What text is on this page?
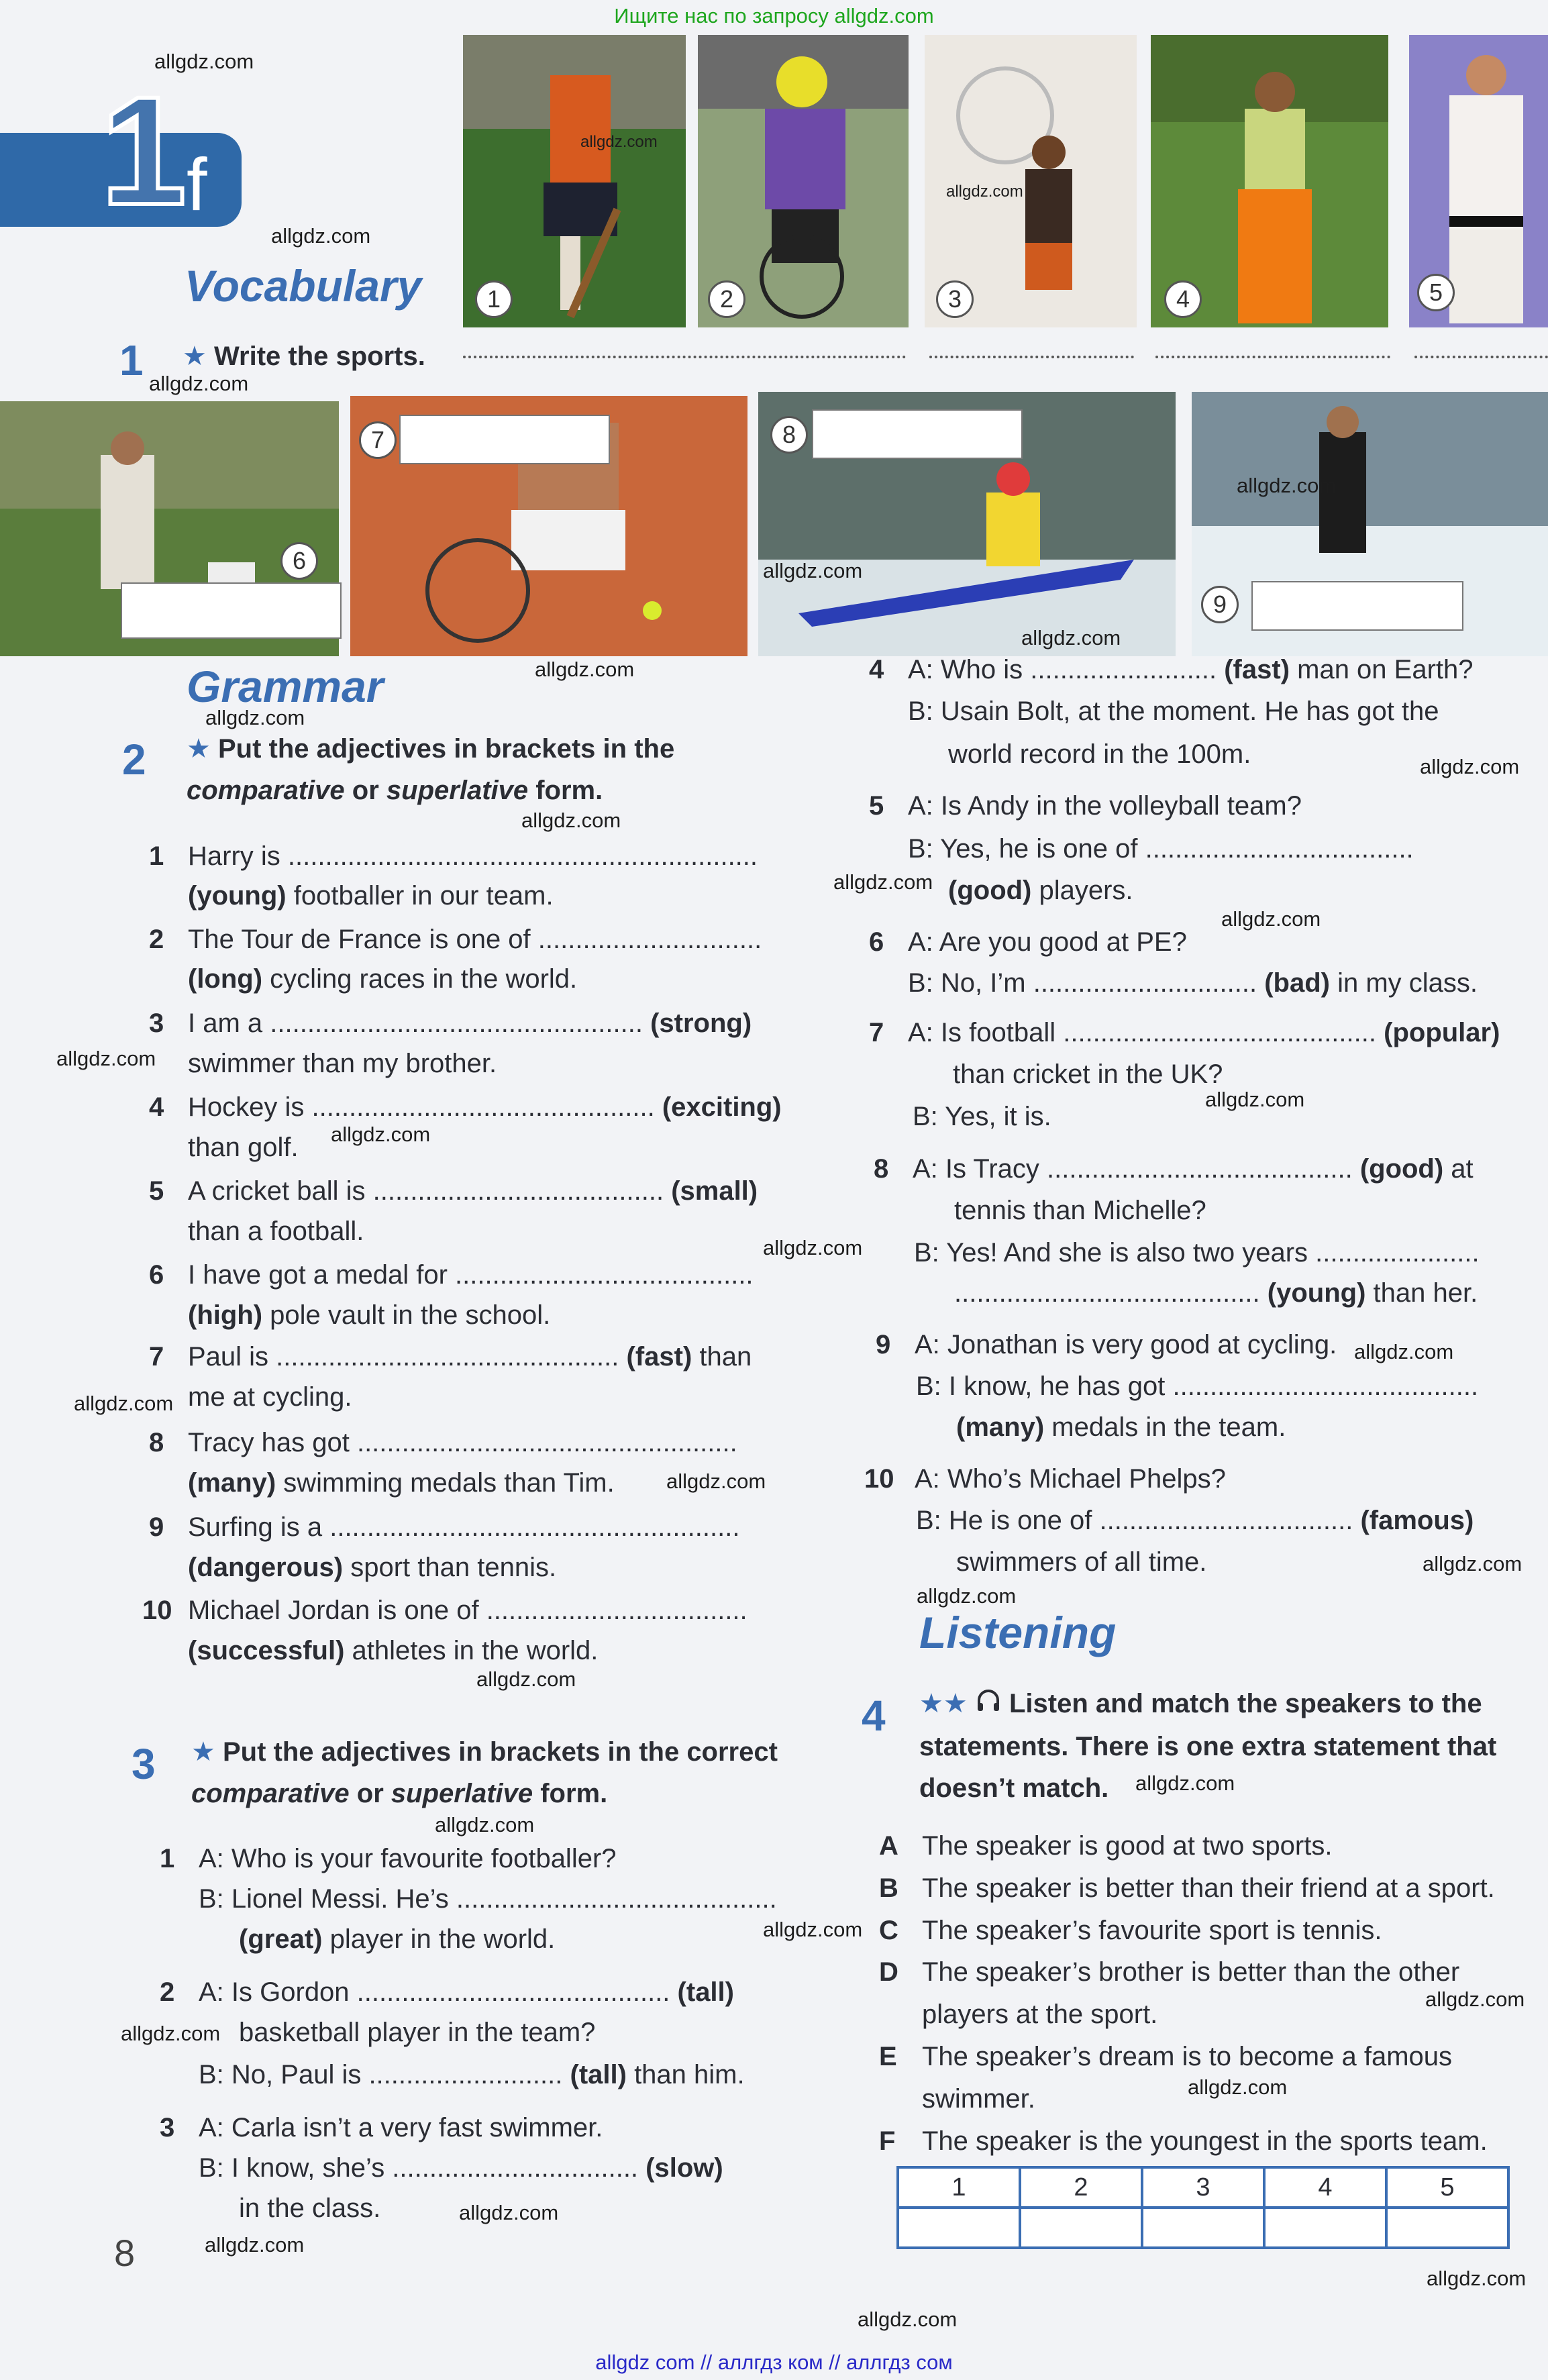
Ищите нас по запросу allgdz.com
1 f
1	2	3	4	5
Vocabulary
1 ★ Write the sports.
6
7	8
9
Grammar
2 ★ Put the adjectives in brackets in the
comparative or superlative form.
1 Harry is ...............................................................
(young) footballer in our team.
2 The Tour de France is one of ..............................
(long) cycling races in the world.
3 I am a .................................................. (strong)
swimmer than my brother.
4 Hockey is .............................................. (exciting)
than golf.
5 A cricket ball is ....................................... (small)
than a football.
6 I have got a medal for ........................................
(high) pole vault in the school.
7 Paul is .............................................. (fast) than
me at cycling.
8 Tracy has got ...................................................
(many) swimming medals than Tim.
9 Surfing is a .......................................................
(dangerous) sport than tennis.
10 Michael Jordan is one of ...................................
(successful) athletes in the world.
3 ★ Put the adjectives in brackets in the correct
comparative or superlative form.
1 A: Who is your favourite footballer?
B: Lionel Messi. He’s ...........................................
(great) player in the world.
2 A: Is Gordon .......................................... (tall)
basketball player in the team?
B: No, Paul is .......................... (tall) than him.
3 A: Carla isn’t a very fast swimmer.
B: I know, she’s ................................. (slow)
in the class.
4 A: Who is ......................... (fast) man on Earth?
B: Usain Bolt, at the moment. He has got the
world record in the 100m.
5 A: Is Andy in the volleyball team?
B: Yes, he is one of ....................................
(good) players.
6 A: Are you good at PE?
B: No, I’m .............................. (bad) in my class.
7 A: Is football .......................................... (popular)
than cricket in the UK?
B: Yes, it is.
8 A: Is Tracy ......................................... (good) at
tennis than Michelle?
B: Yes! And she is also two years ......................
......................................... (young) than her.
9 A: Jonathan is very good at cycling.
B: I know, he has got .........................................
(many) medals in the team.
10 A: Who’s Michael Phelps?
B: He is one of .................................. (famous)
swimmers of all time.
Listening
4 ★★ Listen and match the speakers to the
statements. There is one extra statement that
doesn’t match.
A The speaker is good at two sports.
B The speaker is better than their friend at a sport.
C The speaker’s favourite sport is tennis.
D The speaker’s brother is better than the other
players at the sport.
E The speaker’s dream is to become a famous
swimmer.
F The speaker is the youngest in the sports team.
1	2	3	4	5

8
allgdz.com
allgdz.com
allgdz.com
allgdz.com
allgdz.com
allgdz.com
allgdz.com
allgdz.com
allgdz.com
allgdz.com
allgdz.com
allgdz.com
allgdz.com
allgdz.com
allgdz.com
allgdz.com
allgdz.com
allgdz.com
allgdz.com
allgdz.com
allgdz.com
allgdz.com
allgdz.com
allgdz.com
allgdz.com
allgdz.com
allgdz.com
allgdz.com
allgdz.com
allgdz.com
allgdz.com
allgdz.com
allgdz.com
allgdz.com
allgdz com // аллгдз ком // аллгдз сом
